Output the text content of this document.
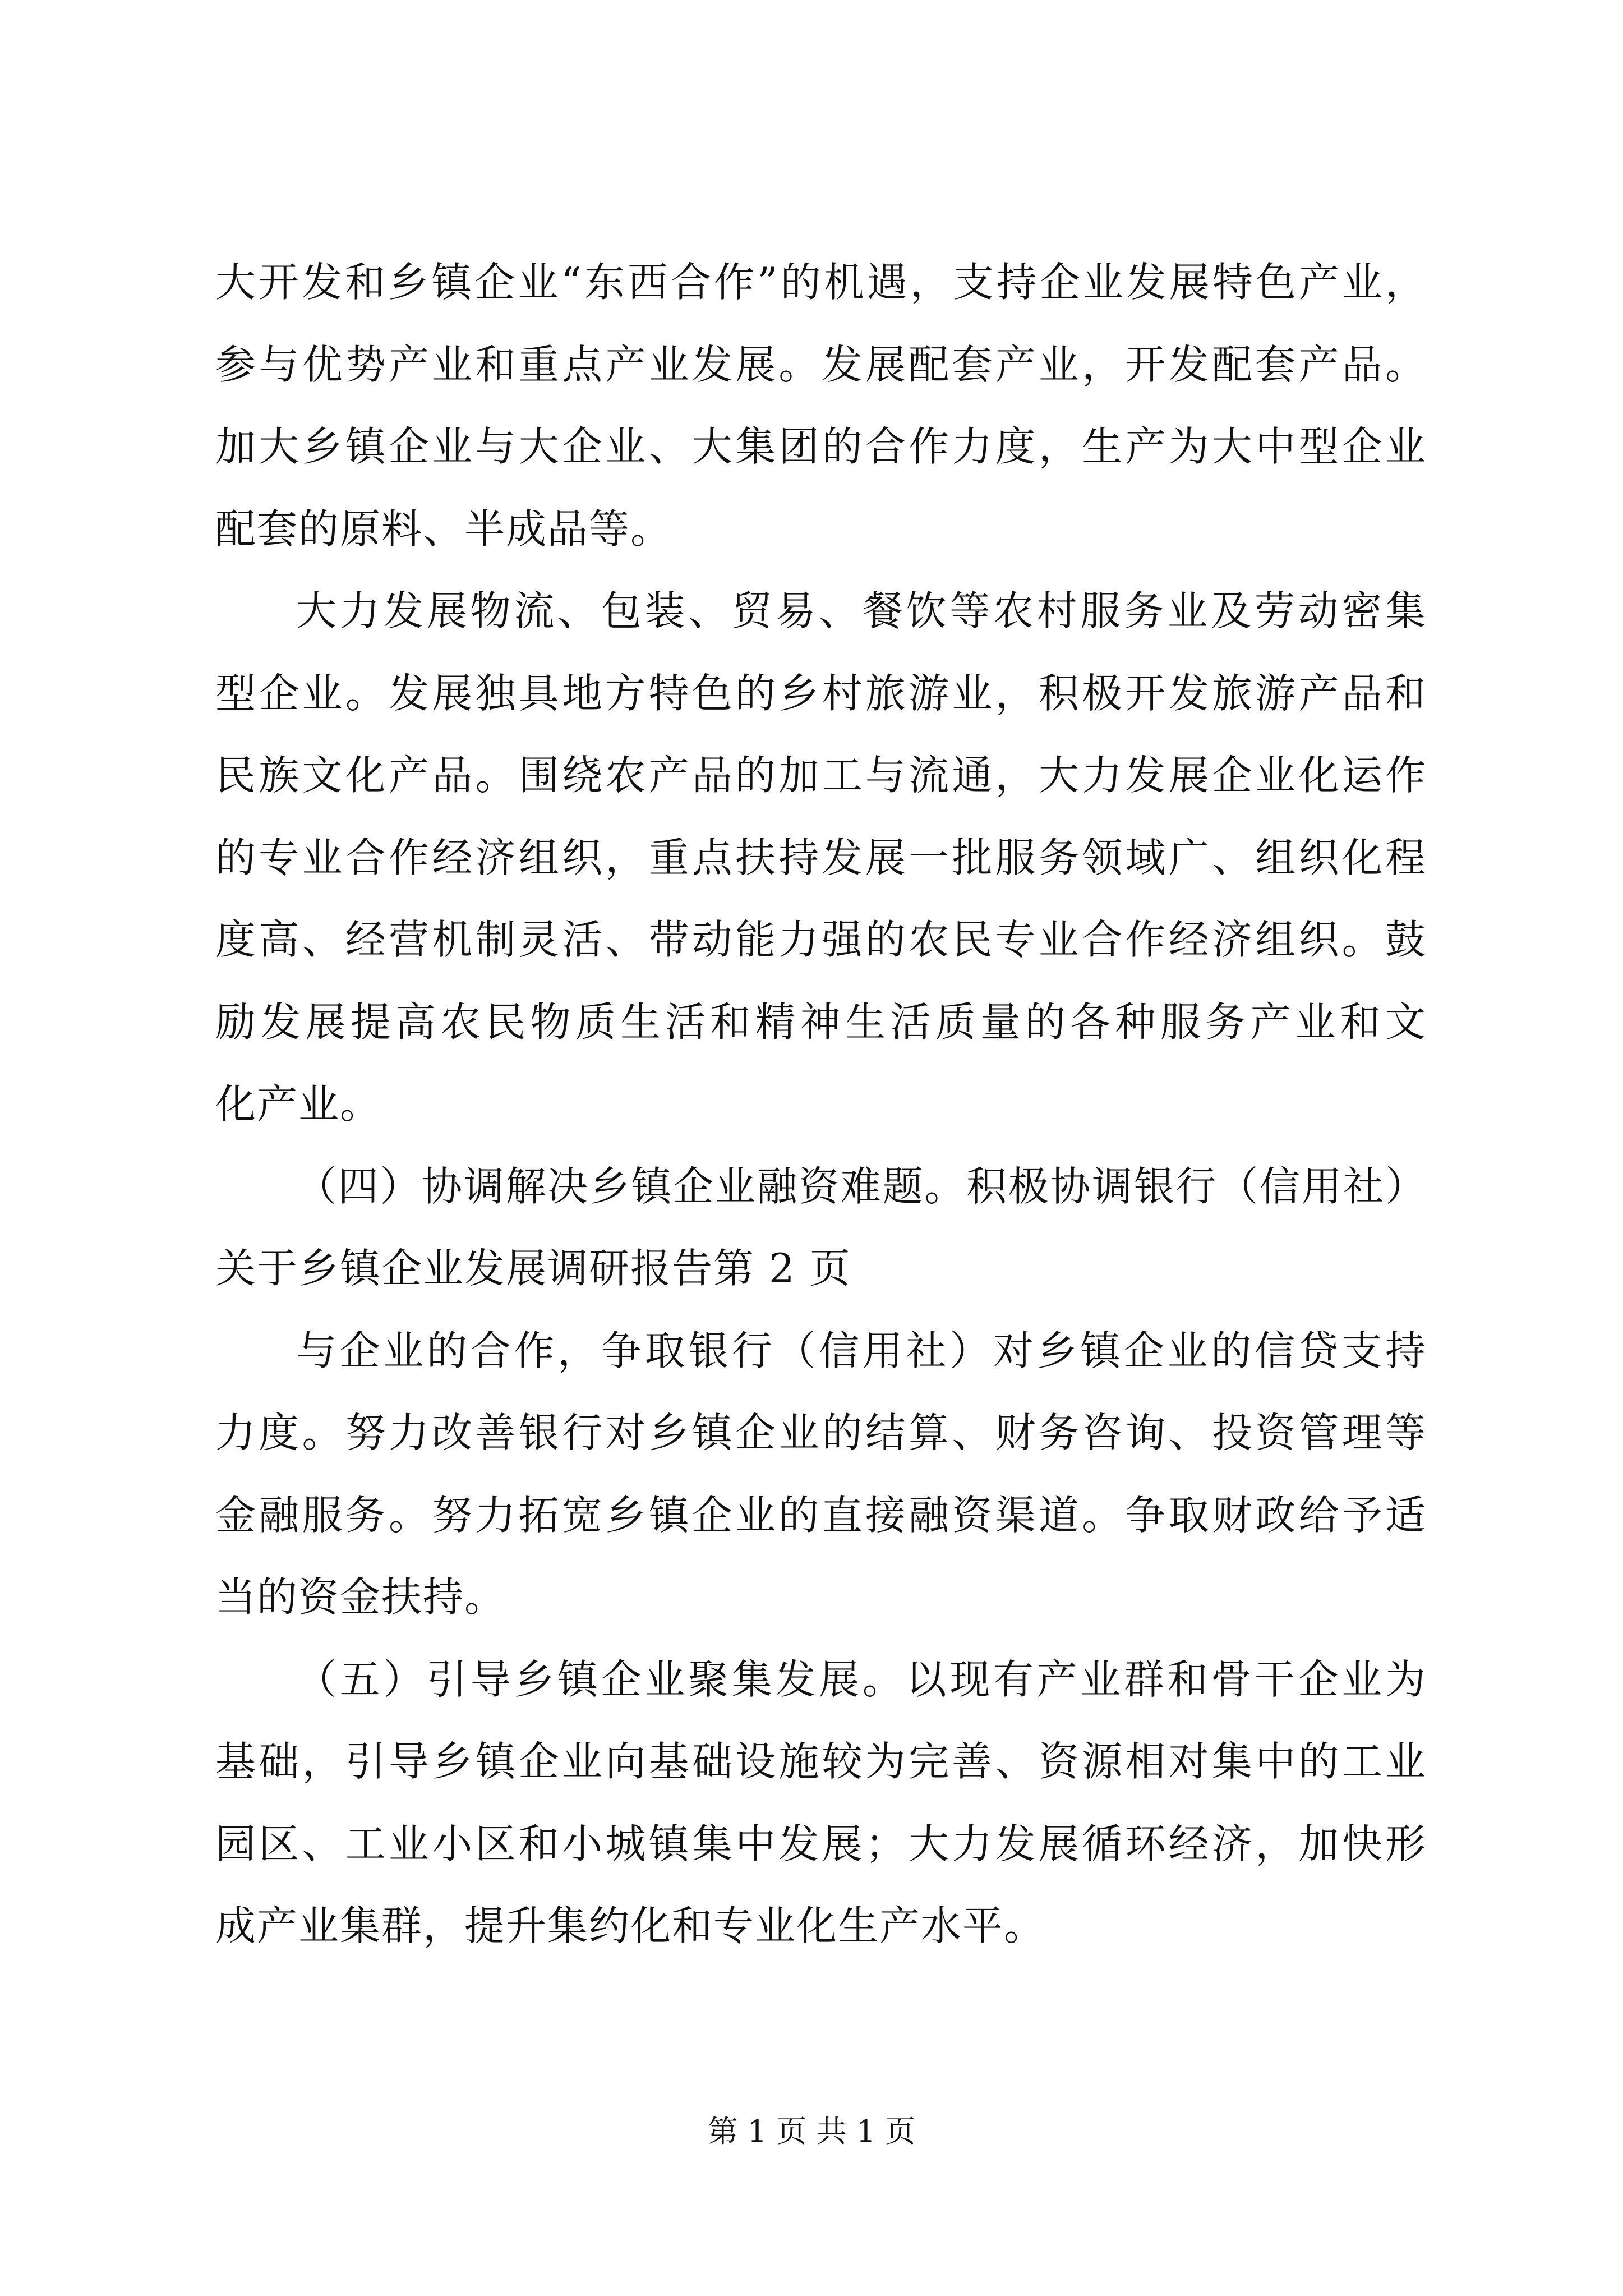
大开发和乡镇企业“东西合作”的机遇，支持企业发展特色产业，

参与优势产业和重点产业发展。发展配套产业，开发配套产品。

加大乡镇企业与大企业、大集团的合作力度，生产为大中型企业

配套的原料、半成品等。

大力发展物流、包装、贸易、餐饮等农村服务业及劳动密集

型企业。发展独具地方特色的乡村旅游业，积极开发旅游产品和

民族文化产品。围绕农产品的加工与流通，大力发展企业化运作

的专业合作经济组织，重点扶持发展一批服务领域广、组织化程

度高、经营机制灵活、带动能力强的农民专业合作经济组织。鼓

励发展提高农民物质生活和精神生活质量的各种服务产业和文

化产业。

（四）协调解决乡镇企业融资难题。积极协调银行（信用社）

关于乡镇企业发展调研报告第 2 页

与企业的合作，争取银行（信用社）对乡镇企业的信贷支持

力度。努力改善银行对乡镇企业的结算、财务咨询、投资管理等

金融服务。努力拓宽乡镇企业的直接融资渠道。争取财政给予适

当的资金扶持。

（五）引导乡镇企业聚集发展。以现有产业群和骨干企业为

基础，引导乡镇企业向基础设施较为完善、资源相对集中的工业

园区、工业小区和小城镇集中发展；大力发展循环经济，加快形

成产业集群，提升集约化和专业化生产水平。

第 1 页 共 1 页
